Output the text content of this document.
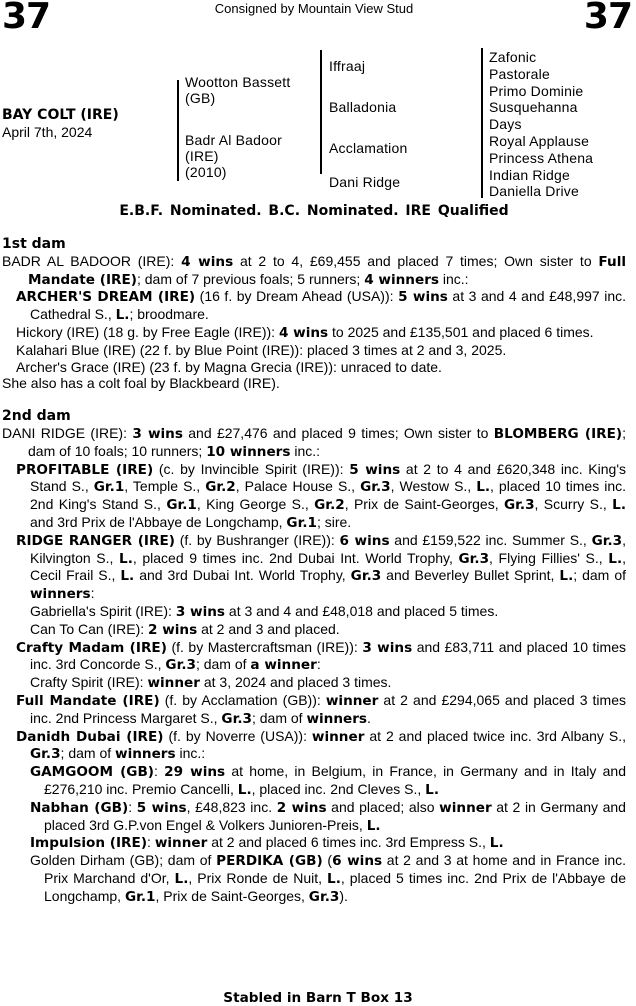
37	Consigned by Mountain View Stud	37
BAY COLT (IRE)
April 7th, 2024
Wootton Bassett
(GB)
Badr Al Badoor
(IRE)
(2010)
Iffraaj
Balladonia
Acclamation
Dani Ridge
Zafonic
Pastorale
Primo Dominie
Susquehanna
Days
Royal Applause
Princess Athena
Indian Ridge
Daniella Drive
E.B.F. Nominated. B.C. Nominated. IRE Qualified
1st dam

BADR AL BADOOR (IRE): 4 wins at 2 to 4, £69,455 and placed 7 times; Own sister to Full Mandate (IRE); dam of 7 previous foals; 5 runners; 4 winners inc.:

ARCHER'S DREAM (IRE) (16 f. by Dream Ahead (USA)): 5 wins at 3 and 4 and £48,997 inc. Cathedral S., L.; broodmare.

Hickory (IRE) (18 g. by Free Eagle (IRE)): 4 wins to 2025 and £135,501 and placed 6 times.

Kalahari Blue (IRE) (22 f. by Blue Point (IRE)): placed 3 times at 2 and 3, 2025.

Archer's Grace (IRE) (23 f. by Magna Grecia (IRE)): unraced to date.

She also has a colt foal by Blackbeard (IRE).

2nd dam

DANI RIDGE (IRE): 3 wins and £27,476 and placed 9 times; Own sister to BLOMBERG (IRE); dam of 10 foals; 10 runners; 10 winners inc.:

PROFITABLE (IRE) (c. by Invincible Spirit (IRE)): 5 wins at 2 to 4 and £620,348 inc. King's Stand S., Gr.1, Temple S., Gr.2, Palace House S., Gr.3, Westow S., L., placed 10 times inc. 2nd King's Stand S., Gr.1, King George S., Gr.2, Prix de Saint-Georges, Gr.3, Scurry S., L. and 3rd Prix de l'Abbaye de Longchamp, Gr.1; sire.

RIDGE RANGER (IRE) (f. by Bushranger (IRE)): 6 wins and £159,522 inc. Summer S., Gr.3, Kilvington S., L., placed 9 times inc. 2nd Dubai Int. World Trophy, Gr.3, Flying Fillies' S., L., Cecil Frail S., L. and 3rd Dubai Int. World Trophy, Gr.3 and Beverley Bullet Sprint, L.; dam of winners:

Gabriella's Spirit (IRE): 3 wins at 3 and 4 and £48,018 and placed 5 times.

Can To Can (IRE): 2 wins at 2 and 3 and placed.

Crafty Madam (IRE) (f. by Mastercraftsman (IRE)): 3 wins and £83,711 and placed 10 times inc. 3rd Concorde S., Gr.3; dam of a winner:

Crafty Spirit (IRE): winner at 3, 2024 and placed 3 times.

Full Mandate (IRE) (f. by Acclamation (GB)): winner at 2 and £294,065 and placed 3 times inc. 2nd Princess Margaret S., Gr.3; dam of winners.

Danidh Dubai (IRE) (f. by Noverre (USA)): winner at 2 and placed twice inc. 3rd Albany S., Gr.3; dam of winners inc.:

GAMGOOM (GB): 29 wins at home, in Belgium, in France, in Germany and in Italy and £276,210 inc. Premio Cancelli, L., placed inc. 2nd Cleves S., L.

Nabhan (GB): 5 wins, £48,823 inc. 2 wins and placed; also winner at 2 in Germany and placed 3rd G.P.von Engel & Volkers Junioren-Preis, L.

Impulsion (IRE): winner at 2 and placed 6 times inc. 3rd Empress S., L.

Golden Dirham (GB); dam of PERDIKA (GB) (6 wins at 2 and 3 at home and in France inc. Prix Marchand d'Or, L., Prix Ronde de Nuit, L., placed 5 times inc. 2nd Prix de l'Abbaye de Longchamp, Gr.1, Prix de Saint-Georges, Gr.3).

Stabled in Barn T Box 13
